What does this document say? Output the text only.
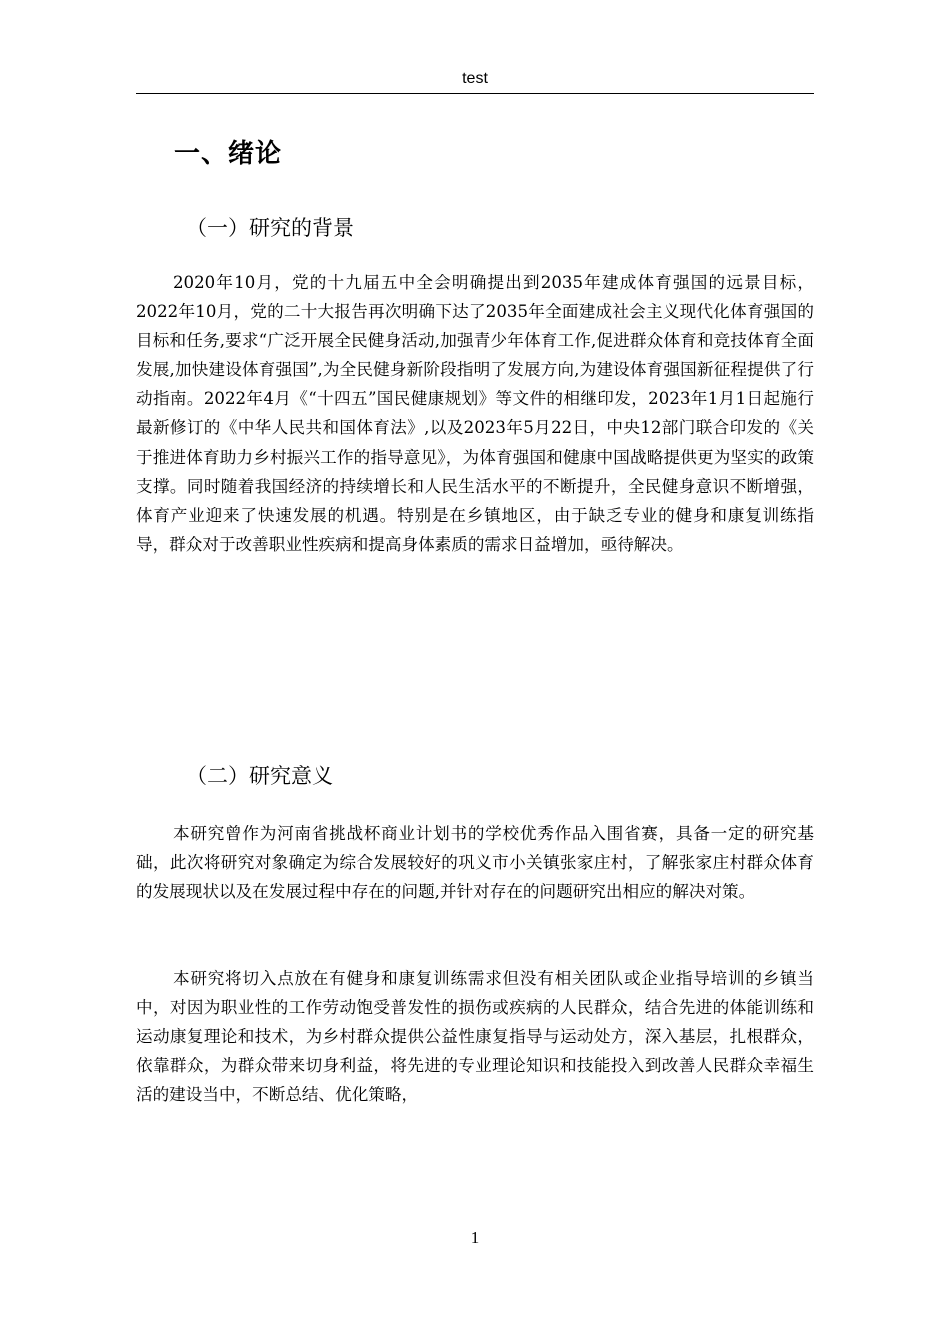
test
一、绪论
（一）研究的背景

2020年10月，党的十九届五中全会明确提出到2035年建成体育强国的远景目标，2022年10月，党的二十大报告再次明确下达了2035年全面建成社会主义现代化体育强国的目标和任务,要求“广泛开展全民健身活动,加强青少年体育工作,促进群众体育和竞技体育全面发展,加快建设体育强国”,为全民健身新阶段指明了发展方向,为建设体育强国新征程提供了行动指南。2022年4月《“十四五”国民健康规划》等文件的相继印发，2023年1月1日起施行最新修订的《中华人民共和国体育法》,以及2023年5月22日，中央12部门联合印发的《关于推进体育助力乡村振兴工作的指导意见》，为体育强国和健康中国战略提供更为坚实的政策支撑。同时随着我国经济的持续增长和人民生活水平的不断提升，全民健身意识不断增强，体育产业迎来了快速发展的机遇。特别是在乡镇地区，由于缺乏专业的健身和康复训练指导，群众对于改善职业性疾病和提高身体素质的需求日益增加，亟待解决。

（二）研究意义

本研究曾作为河南省挑战杯商业计划书的学校优秀作品入围省赛，具备一定的研究基础，此次将研究对象确定为综合发展较好的巩义市小关镇张家庄村，了解张家庄村群众体育的发展现状以及在发展过程中存在的问题,并针对存在的问题研究出相应的解决对策。

本研究将切入点放在有健身和康复训练需求但没有相关团队或企业指导培训的乡镇当中，对因为职业性的工作劳动饱受普发性的损伤或疾病的人民群众，结合先进的体能训练和运动康复理论和技术，为乡村群众提供公益性康复指导与运动处方，深入基层，扎根群众，依靠群众，为群众带来切身利益，将先进的专业理论知识和技能投入到改善人民群众幸福生活的建设当中，不断总结、优化策略，

1
